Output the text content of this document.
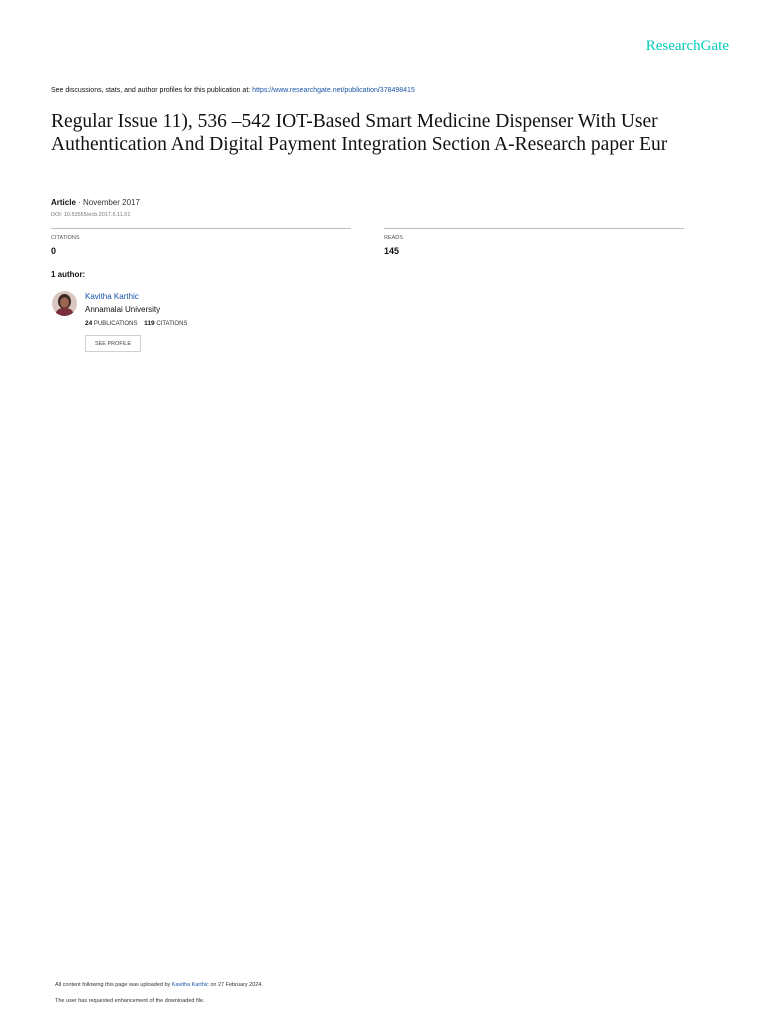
ResearchGate
See discussions, stats, and author profiles for this publication at: https://www.researchgate.net/publication/378498415
Regular Issue 11), 536 –542 IOT-Based Smart Medicine Dispenser With User Authentication And Digital Payment Integration Section A-Research paper Eur
Article · November 2017
DOI: 10.53555/ecb.2017.6.11.01
CITATIONS
0
READS
145
1 author:
Kavitha Karthic
Annamalai University
24 PUBLICATIONS 119 CITATIONS
SEE PROFILE
All content following this page was uploaded by Kavitha Karthic on 27 February 2024.
The user has requested enhancement of the downloaded file.
